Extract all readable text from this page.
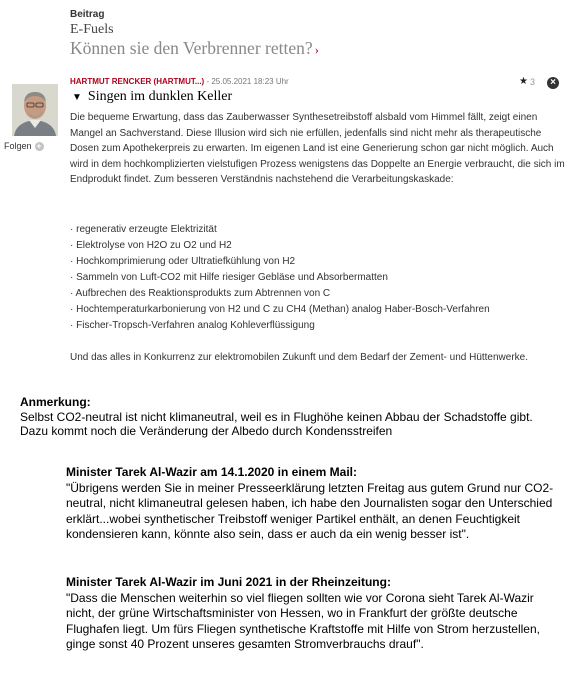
Beitrag
E-Fuels
Können sie den Verbrenner retten? ›
Folgen +
HARTMUT RENCKER (HARTMUT...) - 25.05.2021 18:23 Uhr	★ 3	×
▼ Singen im dunklen Keller

Die bequeme Erwartung, dass das Zauberwasser Synthesetreibstoff alsbald vom Himmel fällt, zeigt einen Mangel an Sachverstand. Diese Illusion wird sich nie erfüllen, jedenfalls sind nicht mehr als therapeutische Dosen zum Apothekerpreis zu erwarten. Im eigenen Land ist eine Generierung schon gar nicht möglich. Auch wird in dem hochkomplizierten vielstufigen Prozess wenigstens das Doppelte an Energie verbraucht, die sich im Endprodukt findet. Zum besseren Verständnis nachstehend die Verarbeitungskaskade:

· regenerativ erzeugte Elektrizität
· Elektrolyse von H2O zu O2 und H2
· Hochkomprimierung oder Ultratiefkühlung von H2
· Sammeln von Luft-CO2 mit Hilfe riesiger Gebläse und Absorbermatten
· Aufbrechen des Reaktionsprodukts zum Abtrennen von C
· Hochtemperaturkarbonierung von H2 und C zu CH4 (Methan) analog Haber-Bosch-Verfahren
· Fischer-Tropsch-Verfahren analog Kohleverflüssigung
Und das alles in Konkurrenz zur elektromobilen Zukunft und dem Bedarf der Zement- und Hüttenwerke.
Anmerkung:
Selbst CO2-neutral ist nicht klimaneutral, weil es in Flughöhe keinen Abbau der Schadstoffe gibt. Dazu kommt noch die Veränderung der Albedo durch Kondensstreifen
Minister Tarek Al-Wazir am 14.1.2020 in einem Mail:
"Übrigens werden Sie in meiner Presseerklärung letzten Freitag aus gutem Grund nur CO2-neutral, nicht klimaneutral gelesen haben, ich habe den Journalisten sogar den Unterschied erklärt...wobei synthetischer Treibstoff weniger Partikel enthält, an denen Feuchtigkeit kondensieren kann, könnte also sein, dass er auch da ein wenig besser ist".
Minister Tarek Al-Wazir im Juni 2021 in der Rheinzeitung:
"Dass die Menschen weiterhin so viel fliegen sollten wie vor Corona sieht Tarek Al-Wazir nicht, der grüne Wirtschaftsminister von Hessen, wo in Frankfurt der größte deutsche Flughafen liegt. Um fürs Fliegen synthetische Kraftstoffe mit Hilfe von Strom herzustellen, ginge sonst 40 Prozent unseres gesamten Stromverbrauchs drauf".
